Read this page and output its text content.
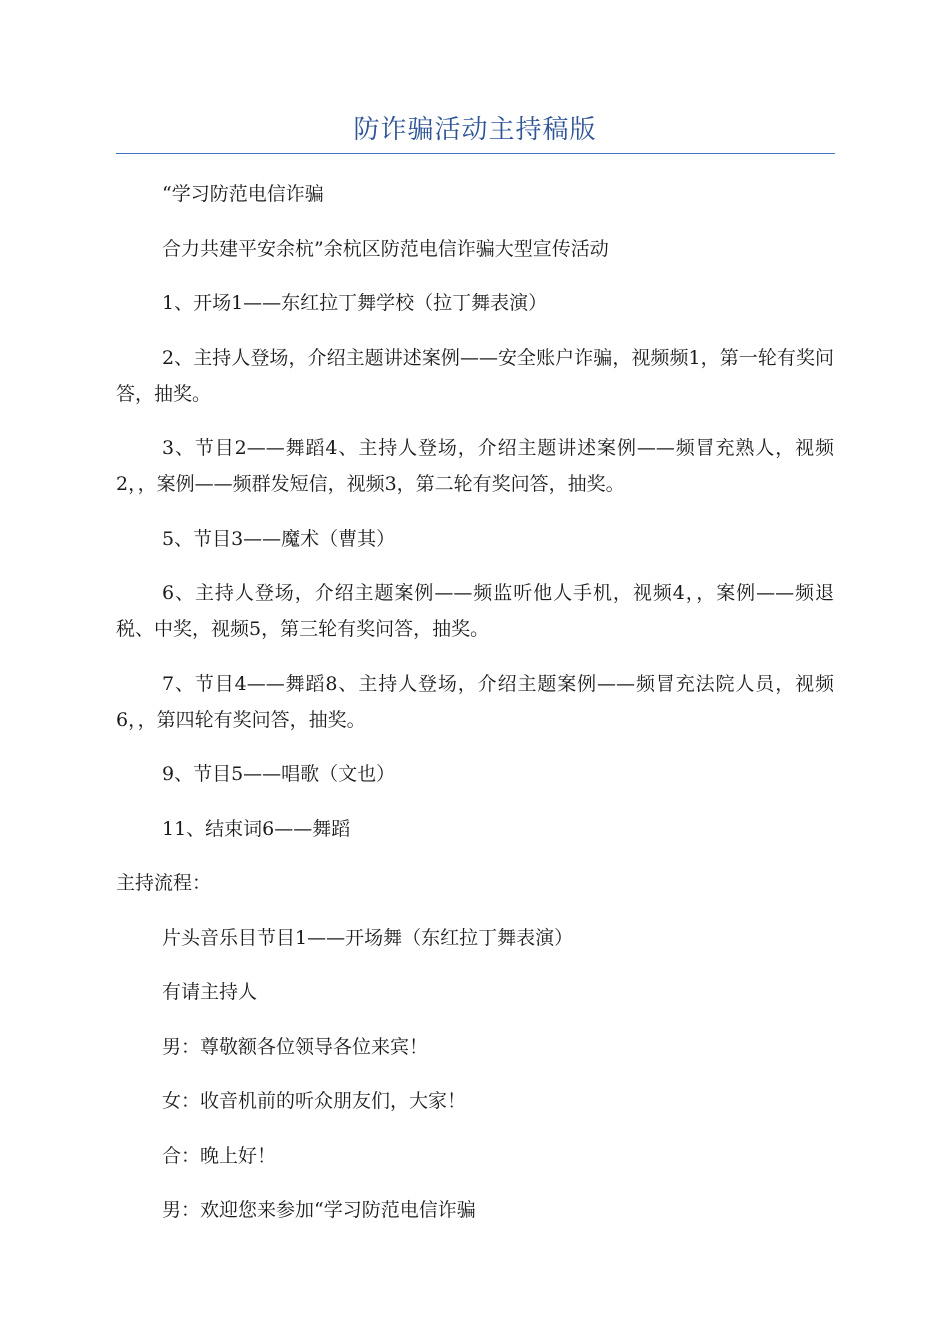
防诈骗活动主持稿版

“学习防范电信诈骗

合力共建平安余杭”余杭区防范电信诈骗大型宣传活动

1、开场1——东红拉丁舞学校（拉丁舞表演）

2、主持人登场，介绍主题讲述案例——安全账户诈骗，视频频1，第一轮有奖问答，抽奖。

3、节目2——舞蹈4、主持人登场，介绍主题讲述案例——频冒充熟人，视频2，，案例——频群发短信，视频3，第二轮有奖问答，抽奖。

5、节目3——魔术（曹其）

6、主持人登场，介绍主题案例——频监听他人手机，视频4，，案例——频退税、中奖，视频5，第三轮有奖问答，抽奖。

7、节目4——舞蹈8、主持人登场，介绍主题案例——频冒充法院人员，视频6，，第四轮有奖问答，抽奖。

9、节目5——唱歌（文也）

11、结束词6——舞蹈

主持流程：

片头音乐目节目1——开场舞（东红拉丁舞表演）

有请主持人

男：尊敬额各位领导各位来宾！

女：收音机前的听众朋友们，大家！

合：晚上好！

男：欢迎您来参加“学习防范电信诈骗
